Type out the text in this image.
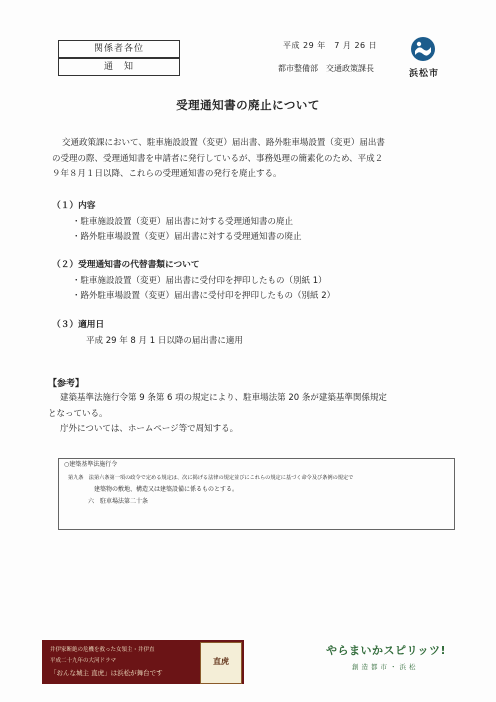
関係者各位
通　知
平成 29 年　7 月 26 日
都市整備部　交通政策課長
浜松市
受理通知書の廃止について
交通政策課において、駐車施設設置（変更）届出書、路外駐車場設置（変更）届出書
の受理の際、受理通知書を申請者に発行しているが、事務処理の簡素化のため、平成２
９年８月１日以降、これらの受理通知書の発行を廃止する。
（１）内容
・駐車施設設置（変更）届出書に対する受理通知書の廃止
・路外駐車場設置（変更）届出書に対する受理通知書の廃止
（２）受理通知書の代替書類について
・駐車施設設置（変更）届出書に受付印を押印したもの（別紙 1）
・路外駐車場設置（変更）届出書に受付印を押印したもの（別紙 2）
（３）適用日
平成 29 年 8 月 1 日以降の届出書に適用
【参考】
建築基準法施行令第 9 条第 6 項の規定により、駐車場法第 20 条が建築基準関係規定
となっている。
庁外については、ホームページ等で周知する。
○建築基準法施行令
第九条　法第六条第一項の政令で定める規定は、次に掲げる法律の規定並びにこれらの規定に基づく命令及び条例の規定で
建築物の敷地、構造又は建築設備に係るものとする。
六　駐車場法第二十条
井伊家断絶の危機を救った女領主・井伊直
平成二十九年の大河ドラマ
「おんな城主 直虎」は浜松が舞台です
直虎
やらまいかスピリッツ!
創造都市・浜松
